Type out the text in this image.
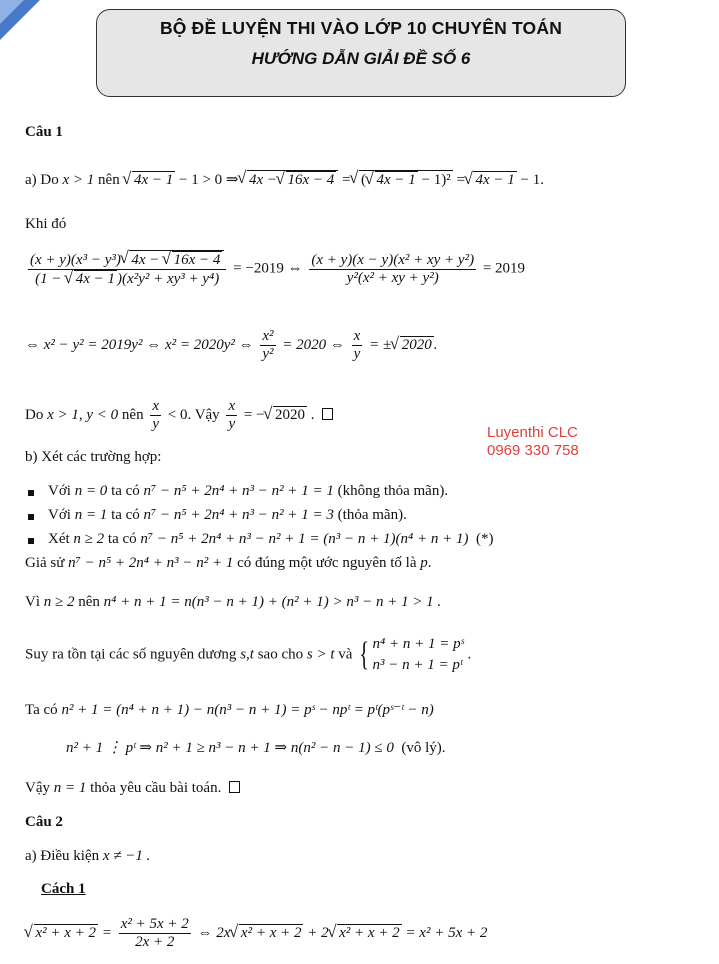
BỘ ĐỀ LUYỆN THI VÀO LỚP 10 CHUYÊN TOÁN
HƯỚNG DẪN GIẢI ĐỀ SỐ 6
Luyenthi CLC
0969 330 758
Câu 1
a) Do x > 1 nên √ 4x − 1 − 1 > 0 ⇒  √ 4x −  √ 16x − 4 =  √ (  √ 4x − 1 − 1)² =  √ 4x − 1 − 1.
Khi đó
$\frac{\text{(x + y)(x³ − y³)  √ 4x −   √ 16x − 4}}{\text{(1 −   √ 4x − 1 )(x²y² + xy³ + y⁴)}} = -2019$ ⇔ $\frac{\text{(x + y)(x − y)(x² + xy + y²)}}{\text{y²(x² + xy + y²)}} = 2019$
⇔ x² − y² = 2019y² ⇔ x² = 2020y² ⇔ $\frac{\text{x²}}{\text{y²}} = 2020$ ⇔ $\frac{x}{y}$ = ± √ 2020 .
Do x > 1, y < 0 nên $\frac{x}{y} < 0$. Vậy $\frac{x}{y}$ = − √ 2020 .
b) Xét các trường hợp:
Với n = 0 ta có n⁷ − n⁵ + 2n⁴ + n³ − n² + 1 = 1 (không thỏa mãn).
Với n = 1 ta có n⁷ − n⁵ + 2n⁴ + n³ − n² + 1 = 3 (thỏa mãn).
Xét n ≥ 2 ta có n⁷ − n⁵ + 2n⁴ + n³ − n² + 1 = (n³ − n + 1)(n⁴ + n + 1) (*)
Giả sử n⁷ − n⁵ + 2n⁴ + n³ − n² + 1 có đúng một ước nguyên tố là p.
Vì n ≥ 2 nên n⁴ + n + 1 = n(n³ − n + 1) + (n² + 1) > n³ − n + 1 > 1 .
Suy ra tồn tại các số nguyên dương s,t sao cho s > t và { n⁴ + n + 1 = pˢ
n³ − n + 1 = pᵗ
.
Ta có n² + 1 = (n⁴ + n + 1) − n(n³ − n + 1) = pˢ − npᵗ = pᵗ(pˢ⁻ᵗ − n)
n² + 1 ⋮ pᵗ ⇒ n² + 1 ≥ n³ − n + 1 ⇒ n(n² − n − 1) ≤ 0 (vô lý).
Vậy n = 1 thỏa yêu cầu bài toán.
Câu 2
a) Điều kiện x ≠ −1 .
Cách 1
√ $x^2 + x + 2 = \frac{\text{x² + 5x + 2}}{2x + 2}$ ⇔ 2x √ x² + x + 2 + 2 √ x² + x + 2 = x² + 5x + 2
